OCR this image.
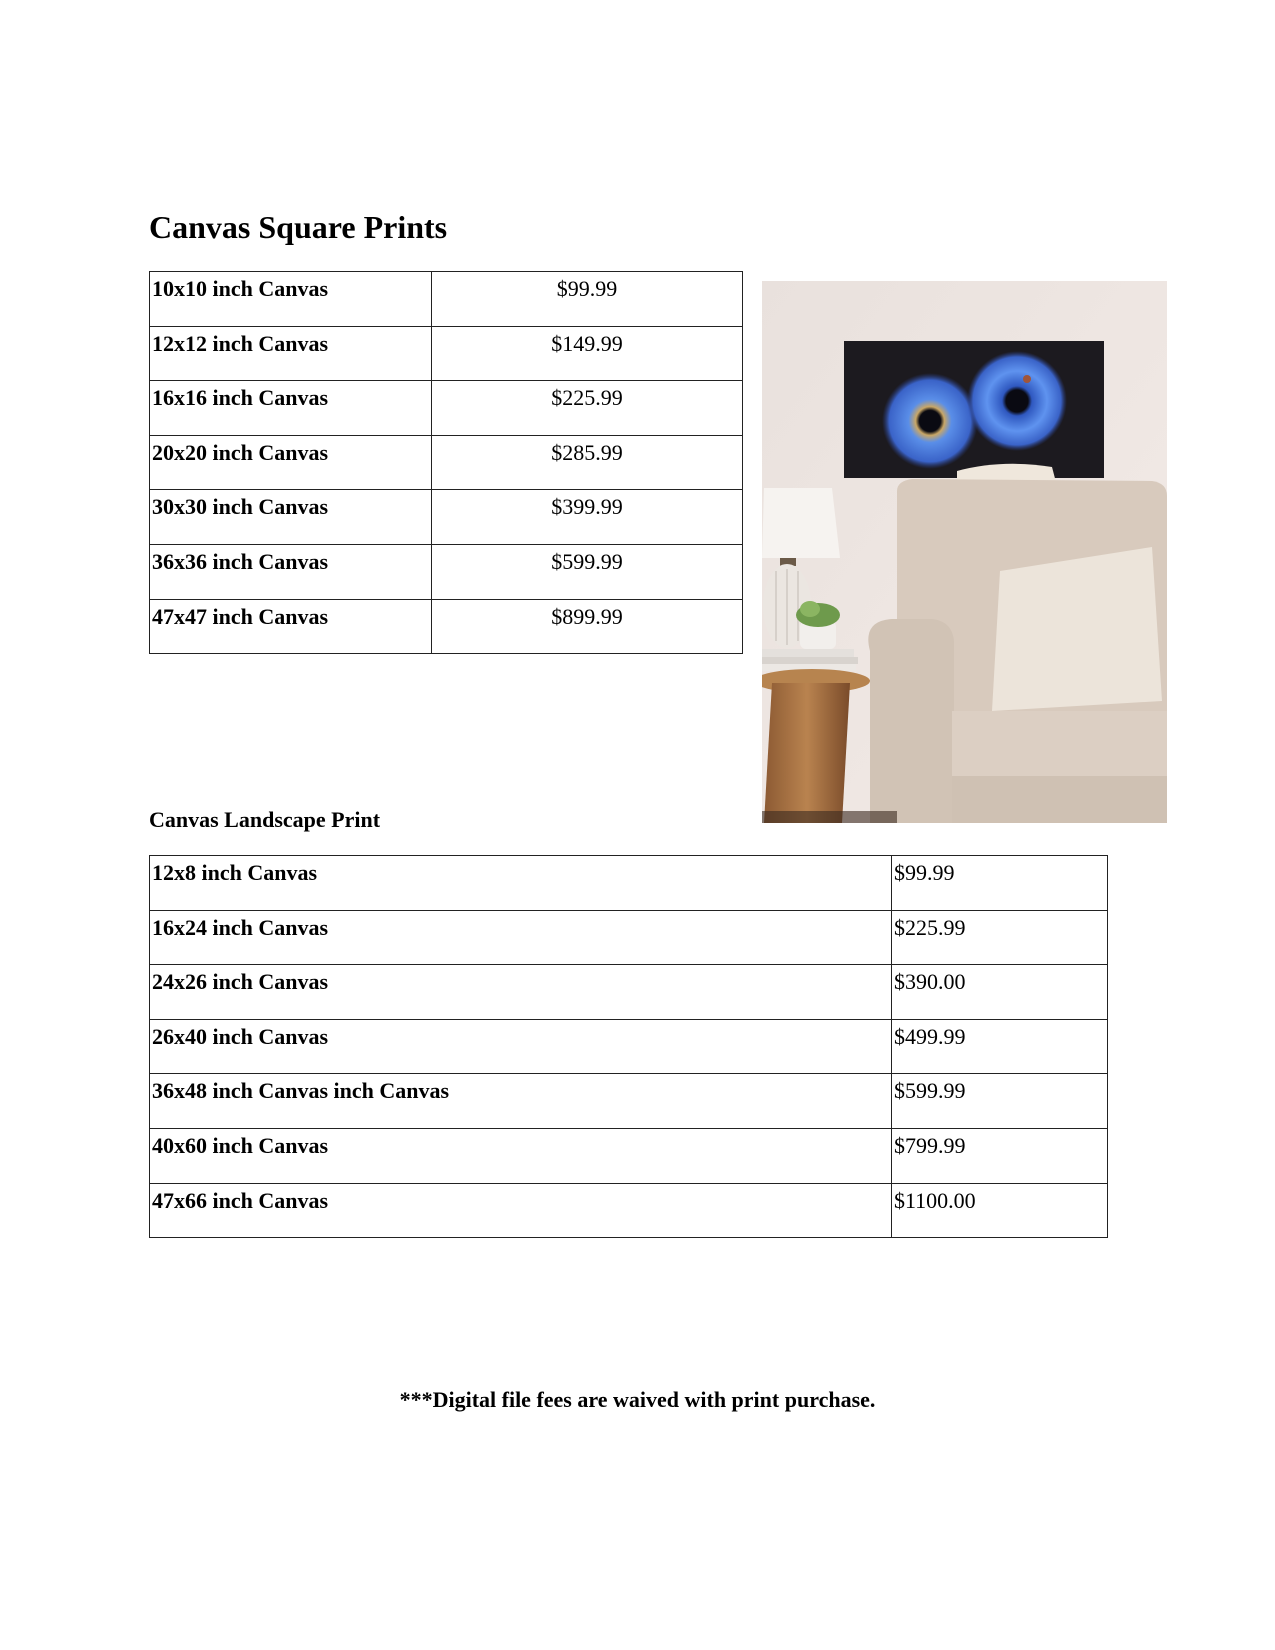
Canvas Square Prints
10x10 inch Canvas	$99.99
12x12 inch Canvas	$149.99
16x16 inch Canvas	$225.99
20x20 inch Canvas	$285.99
30x30 inch Canvas	$399.99
36x36 inch Canvas	$599.99
47x47 inch Canvas	$899.99
Canvas Landscape Print
12x8 inch Canvas	$99.99
16x24 inch Canvas	$225.99
24x26 inch Canvas	$390.00
26x40 inch Canvas	$499.99
36x48 inch Canvas inch Canvas	$599.99
40x60 inch Canvas	$799.99
47x66 inch Canvas	$1100.00

***Digital file fees are waived with print purchase.
